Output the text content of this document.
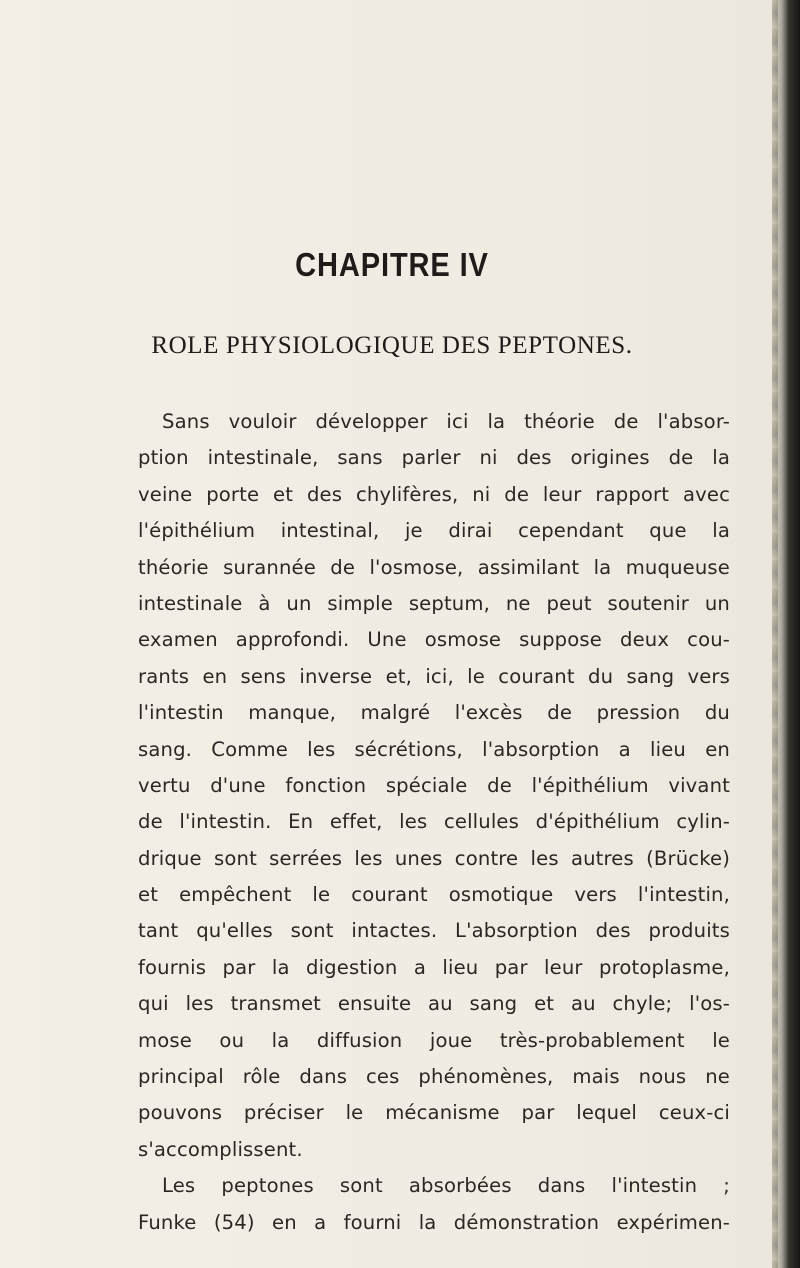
CHAPITRE IV
ROLE PHYSIOLOGIQUE DES PEPTONES.
Sans vouloir développer ici la théorie de l'absor-
ption intestinale, sans parler ni des origines de la
veine porte et des chylifères, ni de leur rapport avec
l'épithélium intestinal, je dirai cependant que la
théorie surannée de l'osmose, assimilant la muqueuse
intestinale à un simple septum, ne peut soutenir un
examen approfondi. Une osmose suppose deux cou-
rants en sens inverse et, ici, le courant du sang vers
l'intestin manque, malgré l'excès de pression du
sang. Comme les sécrétions, l'absorption a lieu en
vertu d'une fonction spéciale de l'épithélium vivant
de l'intestin. En effet, les cellules d'épithélium cylin-
drique sont serrées les unes contre les autres (Brücke)
et empêchent le courant osmotique vers l'intestin,
tant qu'elles sont intactes. L'absorption des produits
fournis par la digestion a lieu par leur protoplasme,
qui les transmet ensuite au sang et au chyle; l'os-
mose ou la diffusion joue très-probablement le
principal rôle dans ces phénomènes, mais nous ne
pouvons préciser le mécanisme par lequel ceux-ci
s'accomplissent.
Les peptones sont absorbées dans l'intestin ;
Funke (54) en a fourni la démonstration expérimen-
